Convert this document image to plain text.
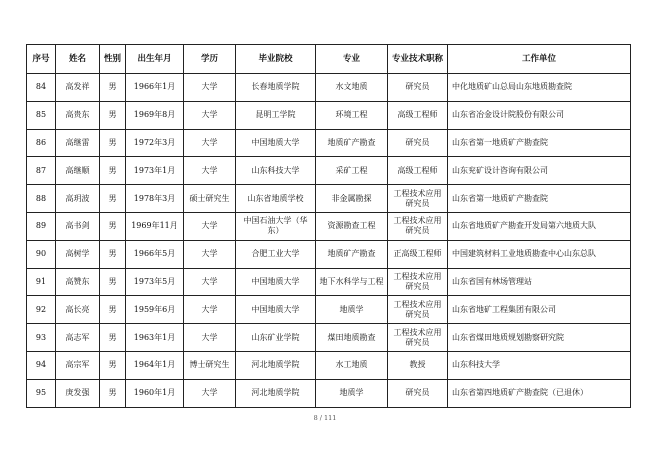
序号	姓名	性别	出生年月	学历	毕业院校	专业	专业技术职称	工作单位
84	高发祥	男	1966年1月	大学	长春地质学院	水文地质	研究员	中化地质矿山总局山东地质勘查院
85	高贵东	男	1969年8月	大学	昆明工学院	环境工程	高级工程师	山东省冶金设计院股份有限公司
86	高继雷	男	1972年3月	大学	中国地质大学	地质矿产勘查	研究员	山东省第一地质矿产勘查院
87	高继顺	男	1973年1月	大学	山东科技大学	采矿工程	高级工程师	山东兖矿设计咨询有限公司
88	高玥波	男	1978年3月	硕士研究生	山东省地质学校	非金属勘探	工程技术应用研究员	山东省第一地质矿产勘查院
89	高书剑	男	1969年11月	大学	中国石油大学（华东）	资源勘查工程	工程技术应用研究员	山东省地质矿产勘查开发局第六地质大队
90	高树学	男	1966年5月	大学	合肥工业大学	地质矿产勘查	正高级工程师	中国建筑材料工业地质勘查中心山东总队
91	高赞东	男	1973年5月	大学	中国地质大学	地下水科学与工程	工程技术应用研究员	山东省国有林场管理站
92	高长亮	男	1959年6月	大学	中国地质大学	地质学	工程技术应用研究员	山东省地矿工程集团有限公司
93	高志军	男	1963年1月	大学	山东矿业学院	煤田地质勘查	工程技术应用研究员	山东省煤田地质规划勘察研究院
94	高宗军	男	1964年1月	博士研究生	河北地质学院	水工地质	教授	山东科技大学
95	庚发强	男	1960年1月	大学	河北地质学院	地质学	研究员	山东省第四地质矿产勘查院（已退休）
8 / 111
